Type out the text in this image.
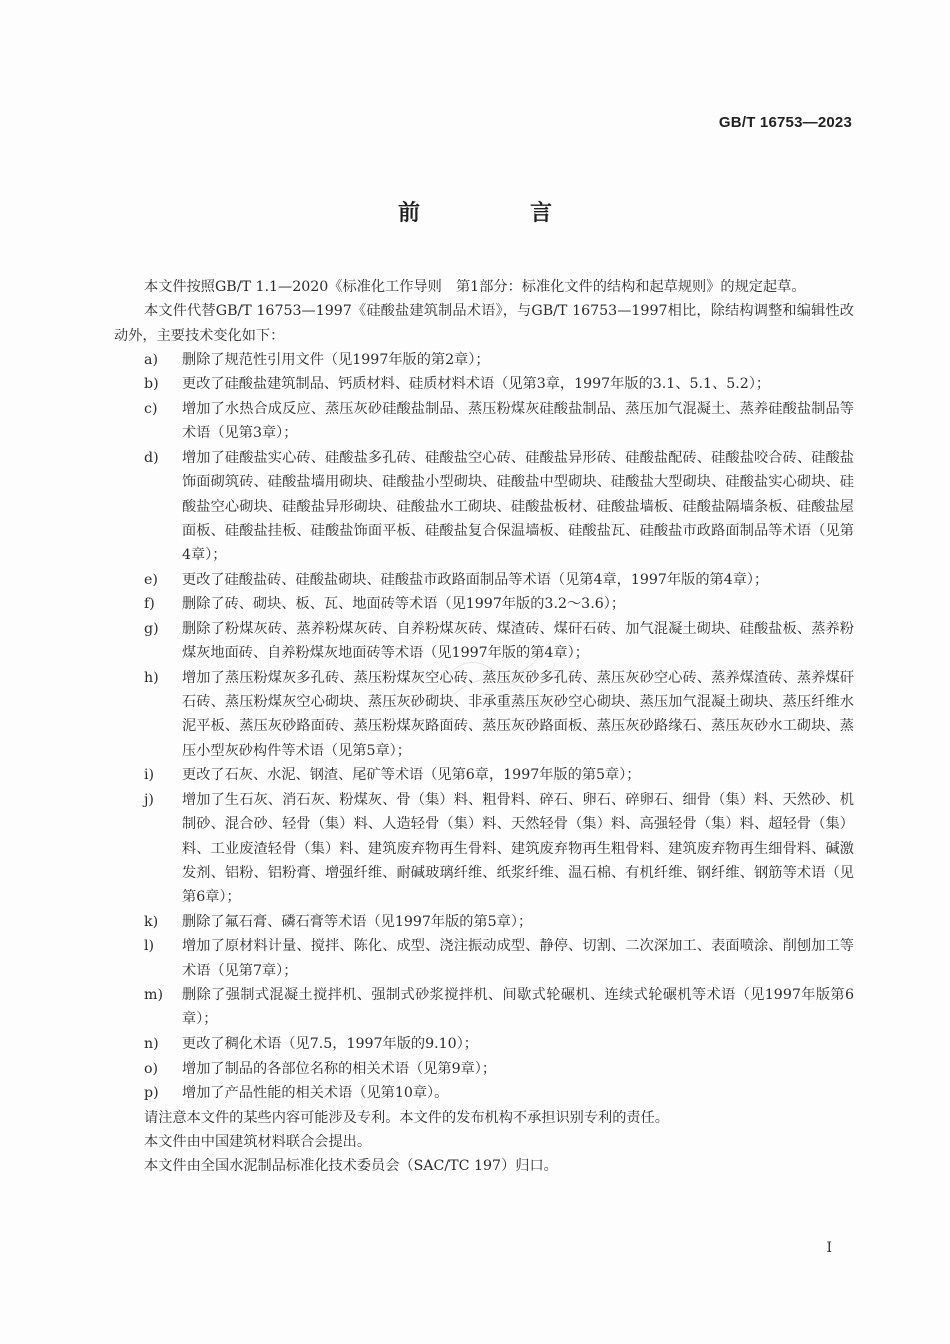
GB/T 16753—2023
前　言

本文件按照GB/T 1.1—2020《标准化工作导则　第1部分：标准化文件的结构和起草规则》的规定起草。

本文件代替GB/T 16753—1997《硅酸盐建筑制品术语》，与GB/T 16753—1997相比，除结构调整和编辑性改动外，主要技术变化如下：

a)	删除了规范性引用文件（见1997年版的第2章）；
b)	更改了硅酸盐建筑制品、钙质材料、硅质材料术语（见第3章，1997年版的3.1、5.1、5.2）；
c)	增加了水热合成反应、蒸压灰砂硅酸盐制品、蒸压粉煤灰硅酸盐制品、蒸压加气混凝土、蒸养硅酸盐制品等术语（见第3章）；
d)	增加了硅酸盐实心砖、硅酸盐多孔砖、硅酸盐空心砖、硅酸盐异形砖、硅酸盐配砖、硅酸盐咬合砖、硅酸盐饰面砌筑砖、硅酸盐墙用砌块、硅酸盐小型砌块、硅酸盐中型砌块、硅酸盐大型砌块、硅酸盐实心砌块、硅酸盐空心砌块、硅酸盐异形砌块、硅酸盐水工砌块、硅酸盐板材、硅酸盐墙板、硅酸盐隔墙条板、硅酸盐屋面板、硅酸盐挂板、硅酸盐饰面平板、硅酸盐复合保温墙板、硅酸盐瓦、硅酸盐市政路面制品等术语（见第4章）；
e)	更改了硅酸盐砖、硅酸盐砌块、硅酸盐市政路面制品等术语（见第4章，1997年版的第4章）；
f)	删除了砖、砌块、板、瓦、地面砖等术语（见1997年版的3.2～3.6）；
g)	删除了粉煤灰砖、蒸养粉煤灰砖、自养粉煤灰砖、煤渣砖、煤矸石砖、加气混凝土砌块、硅酸盐板、蒸养粉煤灰地面砖、自养粉煤灰地面砖等术语（见1997年版的第4章）；
h)	增加了蒸压粉煤灰多孔砖、蒸压粉煤灰空心砖、蒸压灰砂多孔砖、蒸压灰砂空心砖、蒸养煤渣砖、蒸养煤矸石砖、蒸压粉煤灰空心砌块、蒸压灰砂砌块、非承重蒸压灰砂空心砌块、蒸压加气混凝土砌块、蒸压纤维水泥平板、蒸压灰砂路面砖、蒸压粉煤灰路面砖、蒸压灰砂路面板、蒸压灰砂路缘石、蒸压灰砂水工砌块、蒸压小型灰砂构件等术语（见第5章）；
i)	更改了石灰、水泥、钢渣、尾矿等术语（见第6章，1997年版的第5章）；
j)	增加了生石灰、消石灰、粉煤灰、骨（集）料、粗骨料、碎石、卵石、碎卵石、细骨（集）料、天然砂、机制砂、混合砂、轻骨（集）料、人造轻骨（集）料、天然轻骨（集）料、高强轻骨（集）料、超轻骨（集）料、工业废渣轻骨（集）料、建筑废弃物再生骨料、建筑废弃物再生粗骨料、建筑废弃物再生细骨料、碱激发剂、铝粉、铝粉膏、增强纤维、耐碱玻璃纤维、纸浆纤维、温石棉、有机纤维、钢纤维、钢筋等术语（见第6章）；
k)	删除了氟石膏、磷石膏等术语（见1997年版的第5章）；
l)	增加了原材料计量、搅拌、陈化、成型、浇注振动成型、静停、切割、二次深加工、表面喷涂、削刨加工等术语（见第7章）；
m)	删除了强制式混凝土搅拌机、强制式砂浆搅拌机、间歇式轮碾机、连续式轮碾机等术语（见1997年版第6章）；
n)	更改了稠化术语（见7.5，1997年版的9.10）；
o)	增加了制品的各部位名称的相关术语（见第9章）；
p)	增加了产品性能的相关术语（见第10章）。

请注意本文件的某些内容可能涉及专利。本文件的发布机构不承担识别专利的责任。

本文件由中国建筑材料联合会提出。

本文件由全国水泥制品标准化技术委员会（SAC/TC 197）归口。

I
